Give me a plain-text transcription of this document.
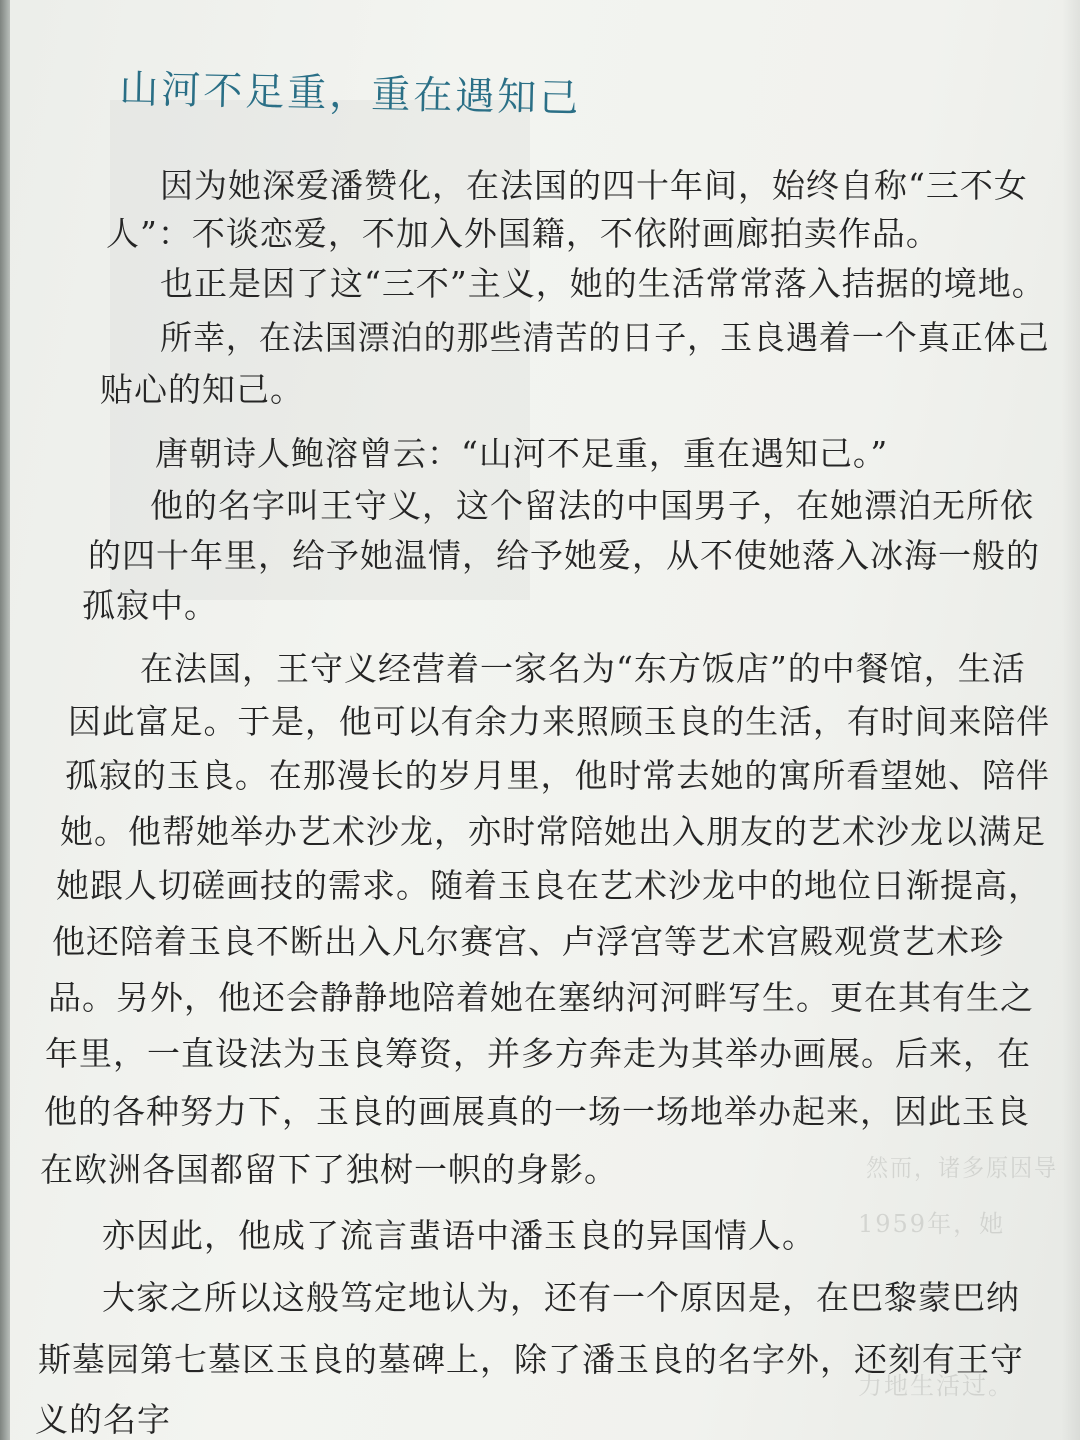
山河不足重，重在遇知己

因为她深爱潘赞化，在法国的四十年间，始终自称“三不女

人”：不谈恋爱，不加入外国籍，不依附画廊拍卖作品。

也正是因了这“三不”主义，她的生活常常落入拮据的境地。

所幸，在法国漂泊的那些清苦的日子，玉良遇着一个真正体己

贴心的知己。

唐朝诗人鲍溶曾云：“山河不足重，重在遇知己。”

他的名字叫王守义，这个留法的中国男子，在她漂泊无所依

的四十年里，给予她温情，给予她爱，从不使她落入冰海一般的

孤寂中。

在法国，王守义经营着一家名为“东方饭店”的中餐馆，生活

因此富足。于是，他可以有余力来照顾玉良的生活，有时间来陪伴

孤寂的玉良。在那漫长的岁月里，他时常去她的寓所看望她、陪伴

她。他帮她举办艺术沙龙，亦时常陪她出入朋友的艺术沙龙以满足

她跟人切磋画技的需求。随着玉良在艺术沙龙中的地位日渐提高，

他还陪着玉良不断出入凡尔赛宫、卢浮宫等艺术宫殿观赏艺术珍

品。另外，他还会静静地陪着她在塞纳河河畔写生。更在其有生之

年里，一直设法为玉良筹资，并多方奔走为其举办画展。后来，在

他的各种努力下，玉良的画展真的一场一场地举办起来，因此玉良

在欧洲各国都留下了独树一帜的身影。

亦因此，他成了流言蜚语中潘玉良的异国情人。

大家之所以这般笃定地认为，还有一个原因是，在巴黎蒙巴纳

斯墓园第七墓区玉良的墓碑上，除了潘玉良的名字外，还刻有王守

义的名字

然而，诸多原因导

1959年，她

力地生活过。
